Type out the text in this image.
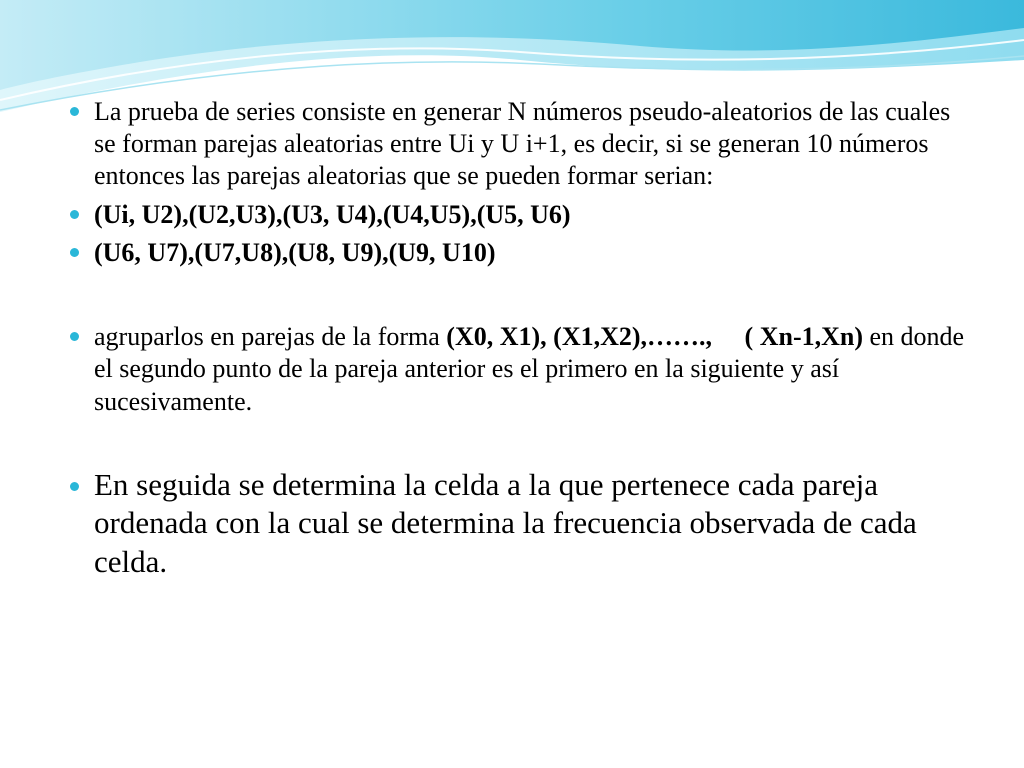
La prueba de series consiste en generar N números pseudo-aleatorios de las cuales se forman parejas aleatorias entre Ui y U i+1, es decir, si se generan 10 números entonces las parejas aleatorias que se pueden formar serian:
(Ui, U2),(U2,U3),(U3, U4),(U4,U5),(U5, U6)
(U6, U7),(U7,U8),(U8, U9),(U9, U10)
agruparlos en parejas de la forma (X0, X1), (X1,X2),……., ( Xn-1,Xn) en donde el segundo punto de la pareja anterior es el primero en la siguiente y así sucesivamente.
En seguida se determina la celda a la que pertenece cada pareja ordenada con la cual se determina la frecuencia observada de cada celda.
